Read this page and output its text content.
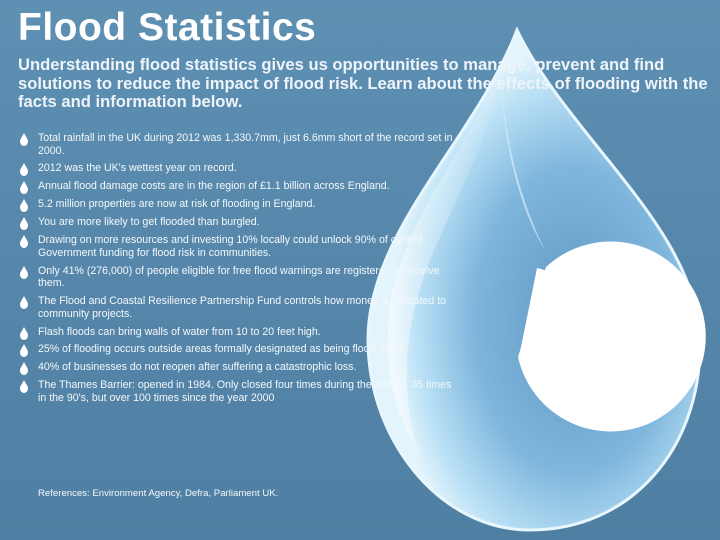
Flood Statistics

Understanding flood statistics gives us opportunities to manage, prevent and find solutions to reduce the impact of flood risk. Learn about the effects of flooding with the facts and information below.

Total rainfall in the UK during 2012 was 1,330.7mm, just 6.6mm short of the record set in 2000.
2012 was the UK's wettest year on record.
Annual flood damage costs are in the region of £1.1 billion across England.
5.2 million properties are now at risk of flooding in England.
You are more likely to get flooded than burgled.
Drawing on more resources and investing 10% locally could unlock 90% of central Government funding for flood risk in communities.
Only 41% (276,000) of people eligible for free flood warnings are registered to receive them.
The Flood and Coastal Resilience Partnership Fund controls how money is allocated to community projects.
Flash floods can bring walls of water from 10 to 20 feet high.
25% of flooding occurs outside areas formally designated as being flood prone.
40% of businesses do not reopen after suffering a catastrophic loss.
The Thames Barrier: opened in 1984. Only closed four times during the 1980's, 35 times in the 90's, but over 100 times since the year 2000

References: Environment Agency, Defra, Parliament UK.
